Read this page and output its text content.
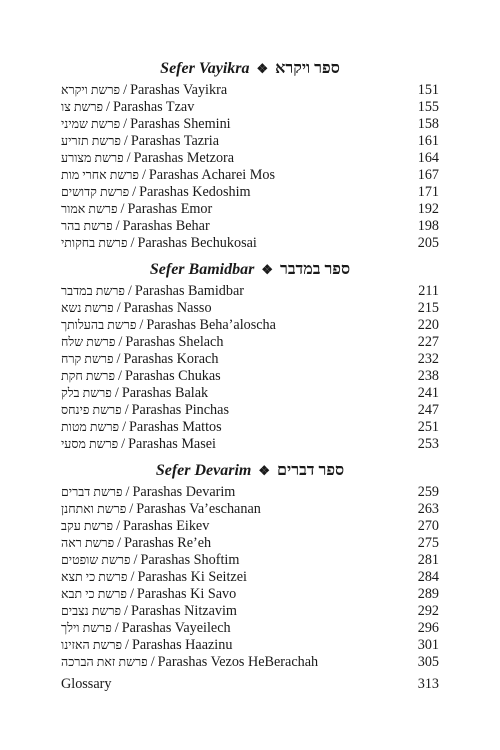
Sefer Vayikra ❖ ספר ויקרא
פרשת ויקרא / Parashas Vayikra	151
פרשת צו / Parashas Tzav	155
פרשת שמיני / Parashas Shemini	158
פרשת תזריע / Parashas Tazria	161
פרשת מצורע / Parashas Metzora	164
פרשת אחרי מות / Parashas Acharei Mos	167
פרשת קדושים / Parashas Kedoshim	171
פרשת אמור / Parashas Emor	192
פרשת בהר / Parashas Behar	198
פרשת בחקותי / Parashas Bechukosai	205
Sefer Bamidbar ❖ ספר במדבר
פרשת במדבר / Parashas Bamidbar	211
פרשת נשא / Parashas Nasso	215
פרשת בהעלותך / Parashas Beha’aloscha	220
פרשת שלח / Parashas Shelach	227
פרשת קרח / Parashas Korach	232
פרשת חקת / Parashas Chukas	238
פרשת בלק / Parashas Balak	241
פרשת פינחס / Parashas Pinchas	247
פרשת מטות / Parashas Mattos	251
פרשת מסעי / Parashas Masei	253
Sefer Devarim ❖ ספר דברים
פרשת דברים / Parashas Devarim	259
פרשת ואתחנן / Parashas Va’eschanan	263
פרשת עקב / Parashas Eikev	270
פרשת ראה / Parashas Re’eh	275
פרשת שופטים / Parashas Shoftim	281
פרשת כי תצא / Parashas Ki Seitzei	284
פרשת כי תבא / Parashas Ki Savo	289
פרשת נצבים / Parashas Nitzavim	292
פרשת וילך / Parashas Vayeilech	296
פרשת האזינו / Parashas Haazinu	301
פרשת זאת הברכה / Parashas Vezos HeBerachah	305
Glossary	313
